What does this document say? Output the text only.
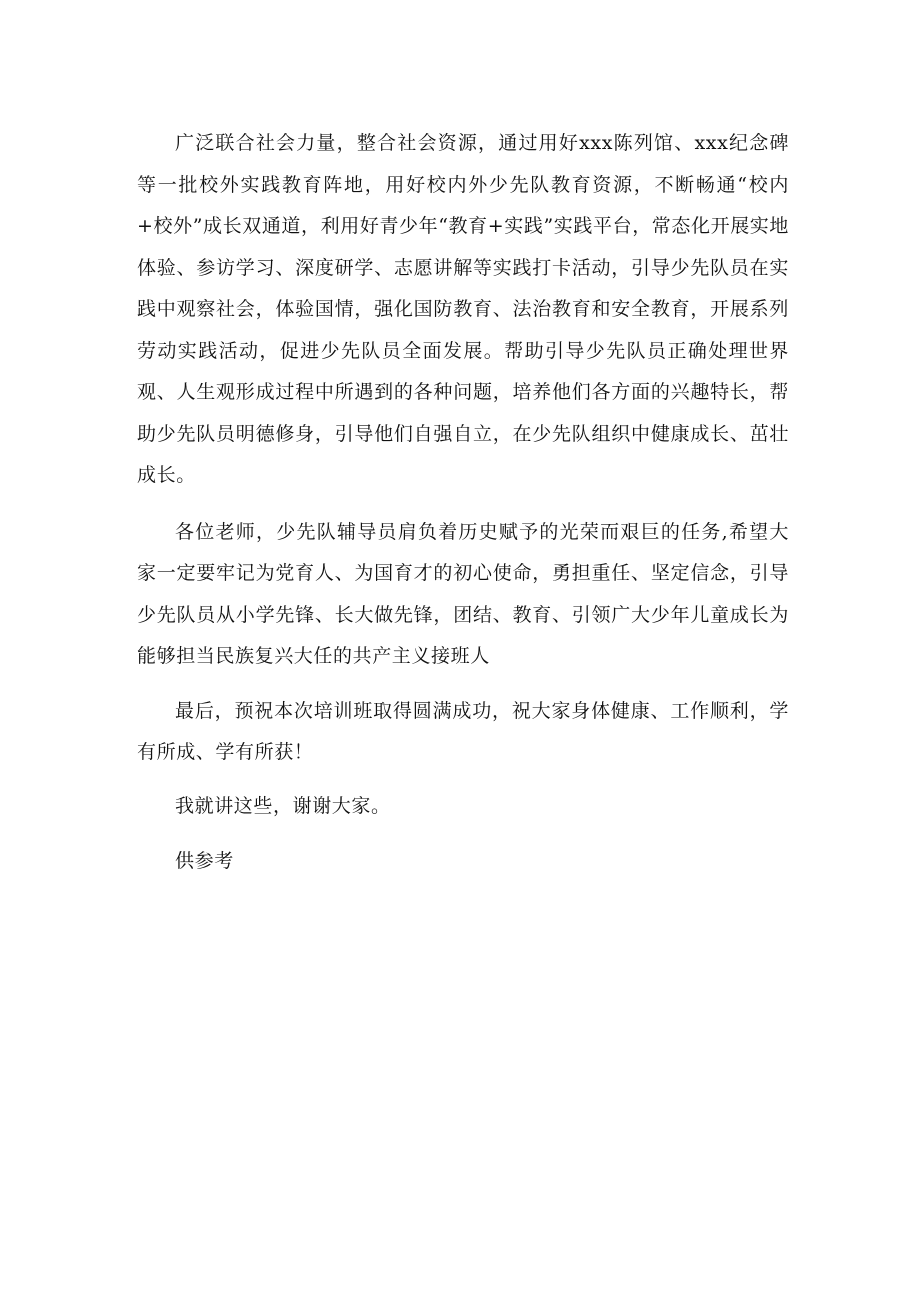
广泛联合社会力量，整合社会资源，通过用好xxx陈列馆、xxx纪念碑等一批校外实践教育阵地，用好校内外少先队教育资源，不断畅通“校内+校外”成长双通道，利用好青少年“教育+实践”实践平台，常态化开展实地体验、参访学习、深度研学、志愿讲解等实践打卡活动，引导少先队员在实践中观察社会，体验国情，强化国防教育、法治教育和安全教育，开展系列劳动实践活动，促进少先队员全面发展。帮助引导少先队员正确处理世界观、人生观形成过程中所遇到的各种问题，培养他们各方面的兴趣特长，帮助少先队员明德修身，引导他们自强自立，在少先队组织中健康成长、茁壮成长。

各位老师，少先队辅导员肩负着历史赋予的光荣而艰巨的任务,希望大家一定要牢记为党育人、为国育才的初心使命，勇担重任、坚定信念，引导少先队员从小学先锋、长大做先锋，团结、教育、引领广大少年儿童成长为能够担当民族复兴大任的共产主义接班人

最后，预祝本次培训班取得圆满成功，祝大家身体健康、工作顺利，学有所成、学有所获！

我就讲这些，谢谢大家。

供参考
